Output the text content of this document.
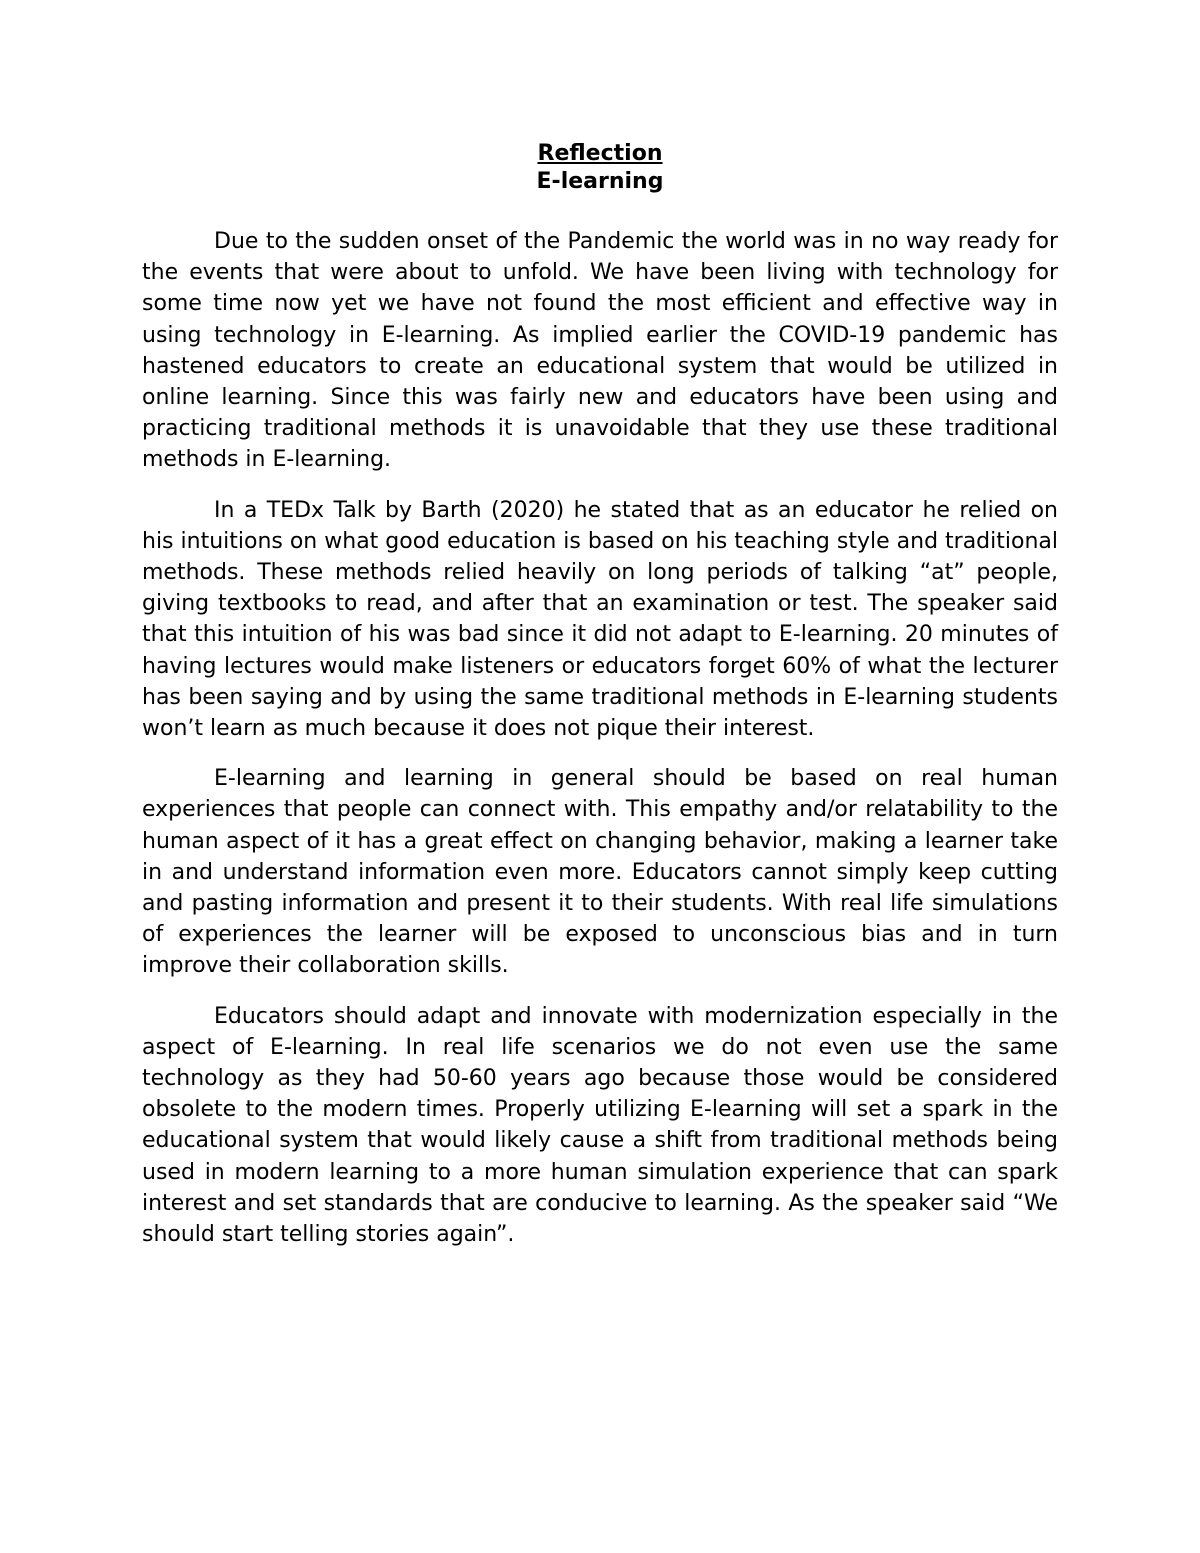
Reflection

E-learning

Due to the sudden onset of the Pandemic the world was in no way ready for the events that were about to unfold. We have been living with technology for some time now yet we have not found the most efficient and effective way in using technology in E-learning. As implied earlier the COVID-19 pandemic has hastened educators to create an educational system that would be utilized in online learning. Since this was fairly new and educators have been using and practicing traditional methods it is unavoidable that they use these traditional methods in E-learning.

In a TEDx Talk by Barth (2020) he stated that as an educator he relied on his intuitions on what good education is based on his teaching style and traditional methods. These methods relied heavily on long periods of talking “at” people, giving textbooks to read, and after that an examination or test. The speaker said that this intuition of his was bad since it did not adapt to E-learning. 20 minutes of having lectures would make listeners or educators forget 60% of what the lecturer has been saying and by using the same traditional methods in E-learning students won’t learn as much because it does not pique their interest.

E-learning and learning in general should be based on real human experiences that people can connect with. This empathy and/or relatability to the human aspect of it has a great effect on changing behavior, making a learner take in and understand information even more. Educators cannot simply keep cutting and pasting information and present it to their students. With real life simulations of experiences the learner will be exposed to unconscious bias and in turn improve their collaboration skills.

Educators should adapt and innovate with modernization especially in the aspect of E-learning. In real life scenarios we do not even use the same technology as they had 50-60 years ago because those would be considered obsolete to the modern times. Properly utilizing E-learning will set a spark in the educational system that would likely cause a shift from traditional methods being used in modern learning to a more human simulation experience that can spark interest and set standards that are conducive to learning. As the speaker said “We should start telling stories again”.
